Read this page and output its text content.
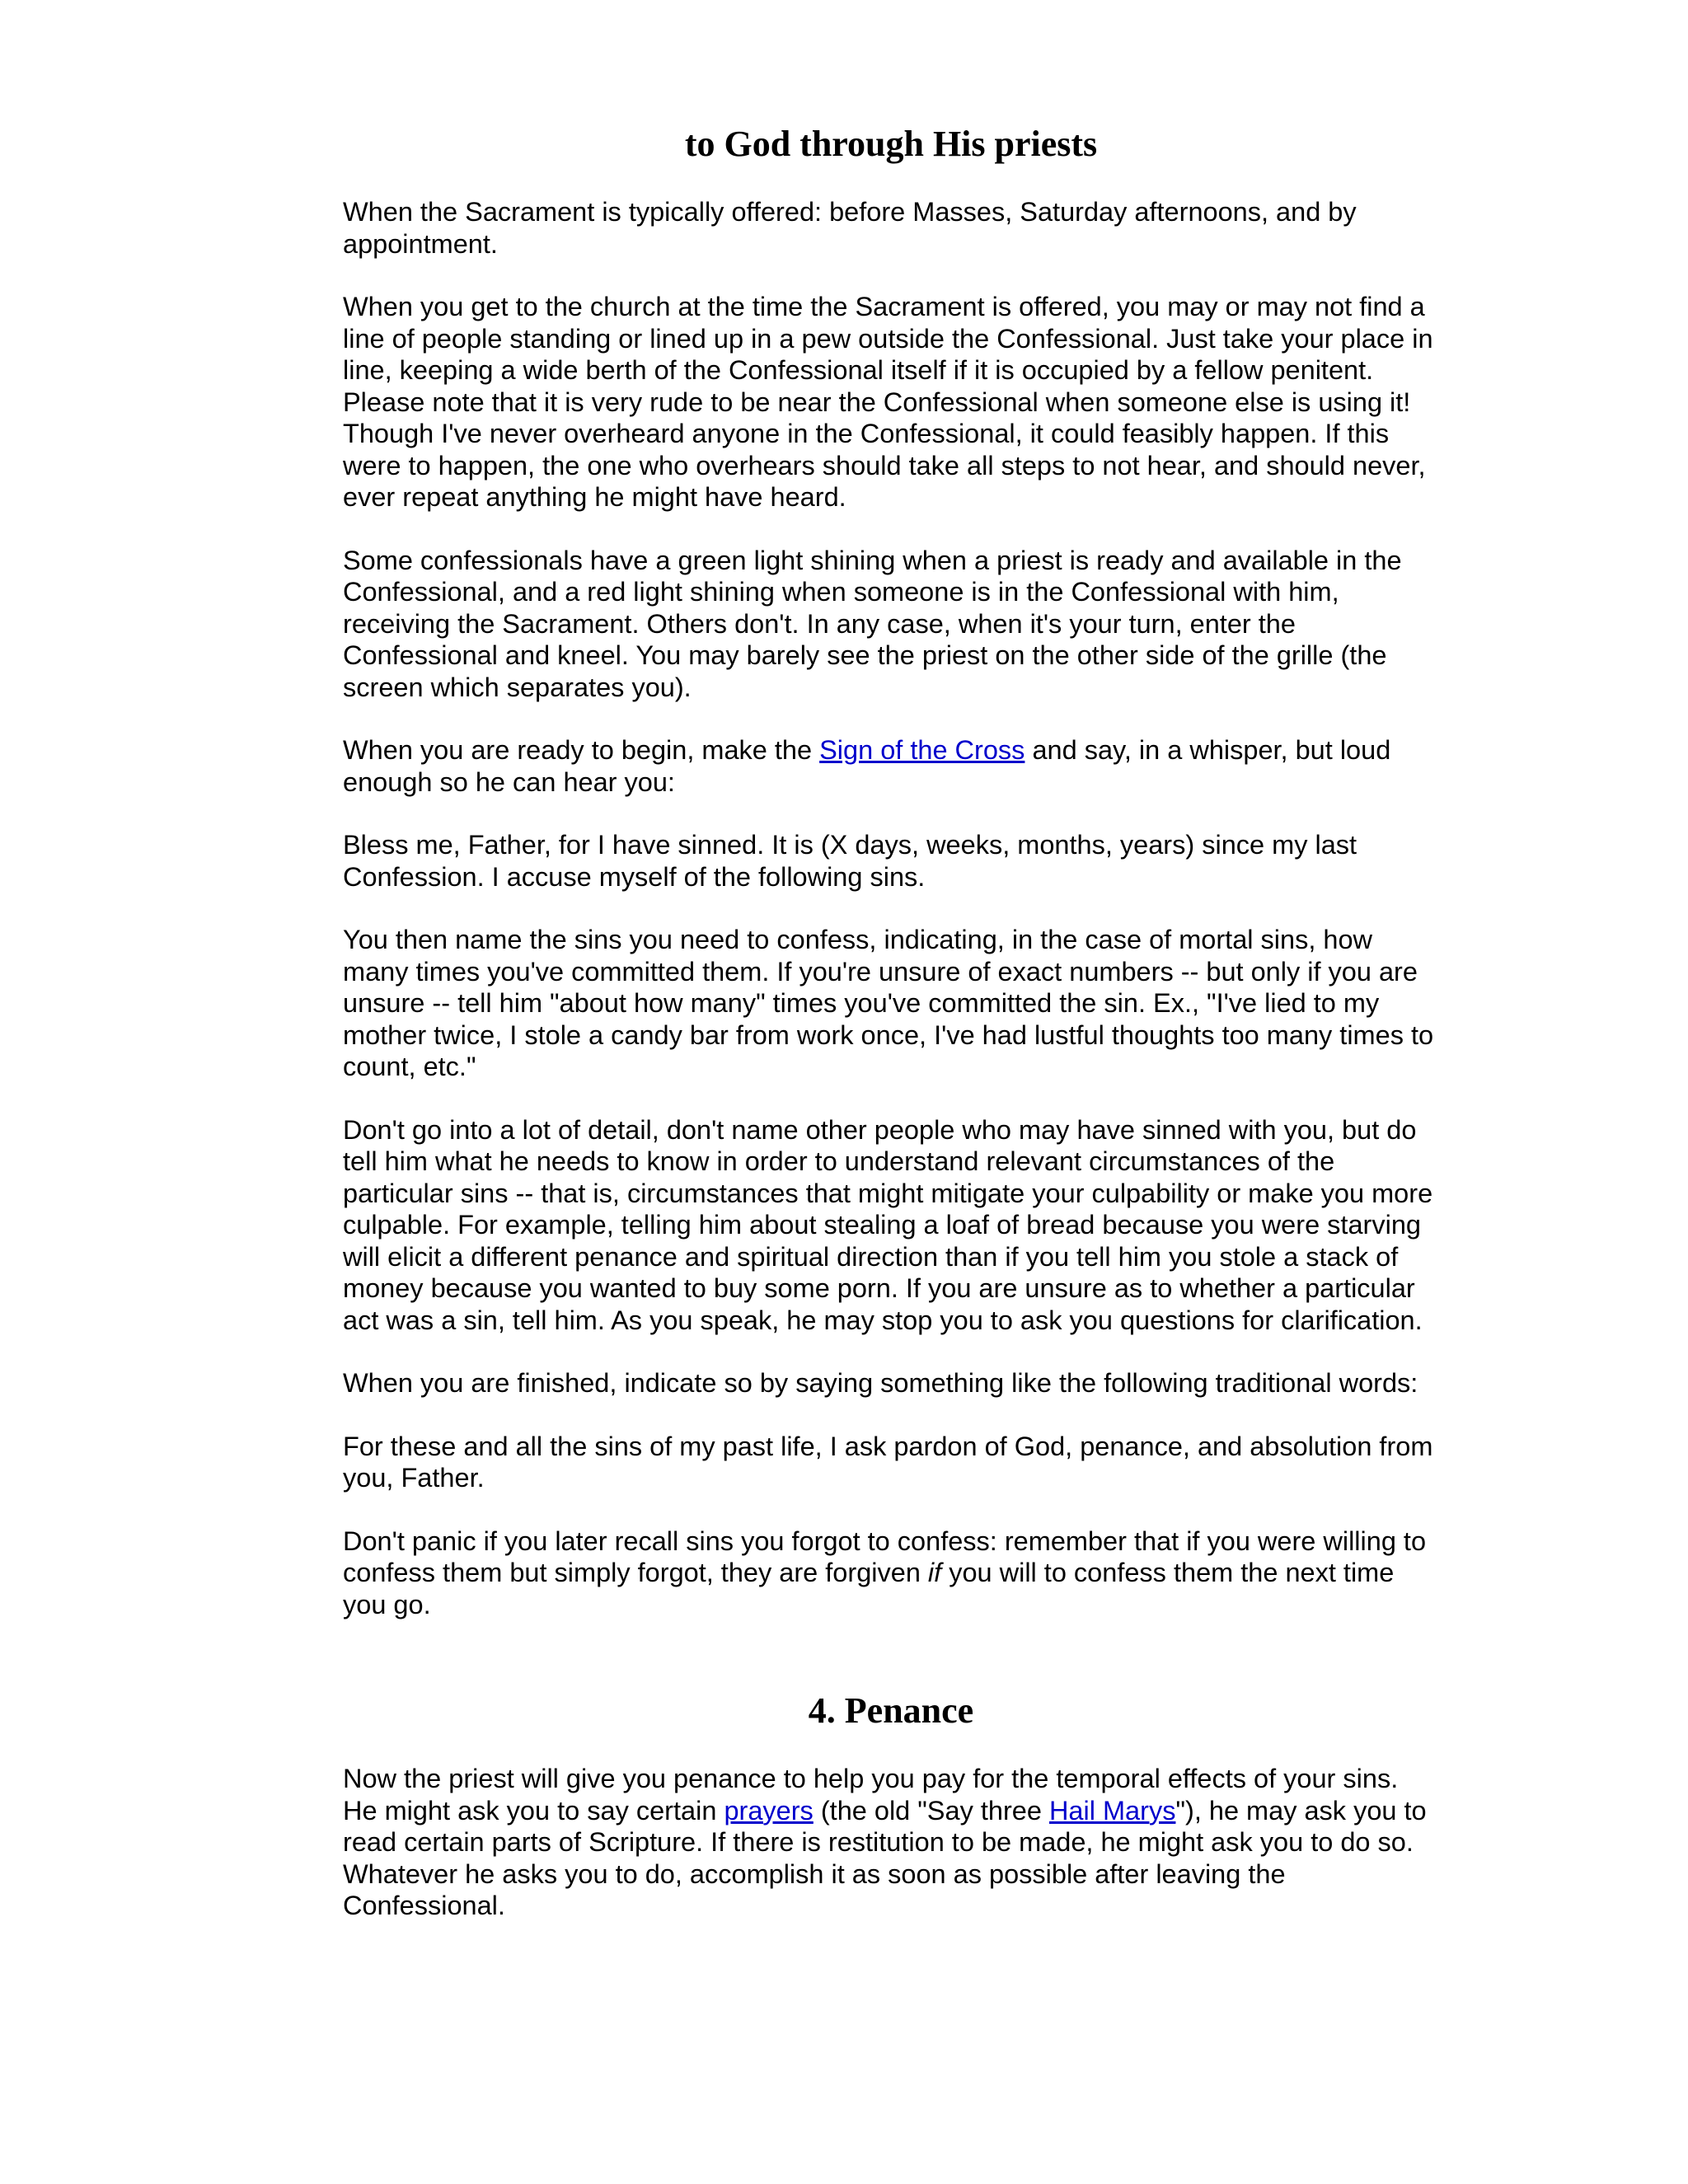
to God through His priests

When the Sacrament is typically offered: before Masses, Saturday afternoons, and by appointment.

When you get to the church at the time the Sacrament is offered, you may or may not find a line of people standing or lined up in a pew outside the Confessional. Just take your place in line, keeping a wide berth of the Confessional itself if it is occupied by a fellow penitent. Please note that it is very rude to be near the Confessional when someone else is using it! Though I've never overheard anyone in the Confessional, it could feasibly happen. If this were to happen, the one who overhears should take all steps to not hear, and should never, ever repeat anything he might have heard.

Some confessionals have a green light shining when a priest is ready and available in the Confessional, and a red light shining when someone is in the Confessional with him, receiving the Sacrament. Others don't. In any case, when it's your turn, enter the Confessional and kneel. You may barely see the priest on the other side of the grille (the screen which separates you).

When you are ready to begin, make the Sign of the Cross and say, in a whisper, but loud enough so he can hear you:

Bless me, Father, for I have sinned. It is (X days, weeks, months, years) since my last Confession. I accuse myself of the following sins.

You then name the sins you need to confess, indicating, in the case of mortal sins, how many times you've committed them. If you're unsure of exact numbers -- but only if you are unsure -- tell him "about how many" times you've committed the sin. Ex., "I've lied to my mother twice, I stole a candy bar from work once, I've had lustful thoughts too many times to count, etc."

Don't go into a lot of detail, don't name other people who may have sinned with you, but do tell him what he needs to know in order to understand relevant circumstances of the particular sins -- that is, circumstances that might mitigate your culpability or make you more culpable. For example, telling him about stealing a loaf of bread because you were starving will elicit a different penance and spiritual direction than if you tell him you stole a stack of money because you wanted to buy some porn. If you are unsure as to whether a particular act was a sin, tell him. As you speak, he may stop you to ask you questions for clarification.

When you are finished, indicate so by saying something like the following traditional words:

For these and all the sins of my past life, I ask pardon of God, penance, and absolution from you, Father.

Don't panic if you later recall sins you forgot to confess: remember that if you were willing to confess them but simply forgot, they are forgiven if you will to confess them the next time you go.

4. Penance

Now the priest will give you penance to help you pay for the temporal effects of your sins. He might ask you to say certain prayers (the old "Say three Hail Marys"), he may ask you to read certain parts of Scripture. If there is restitution to be made, he might ask you to do so. Whatever he asks you to do, accomplish it as soon as possible after leaving the Confessional.
